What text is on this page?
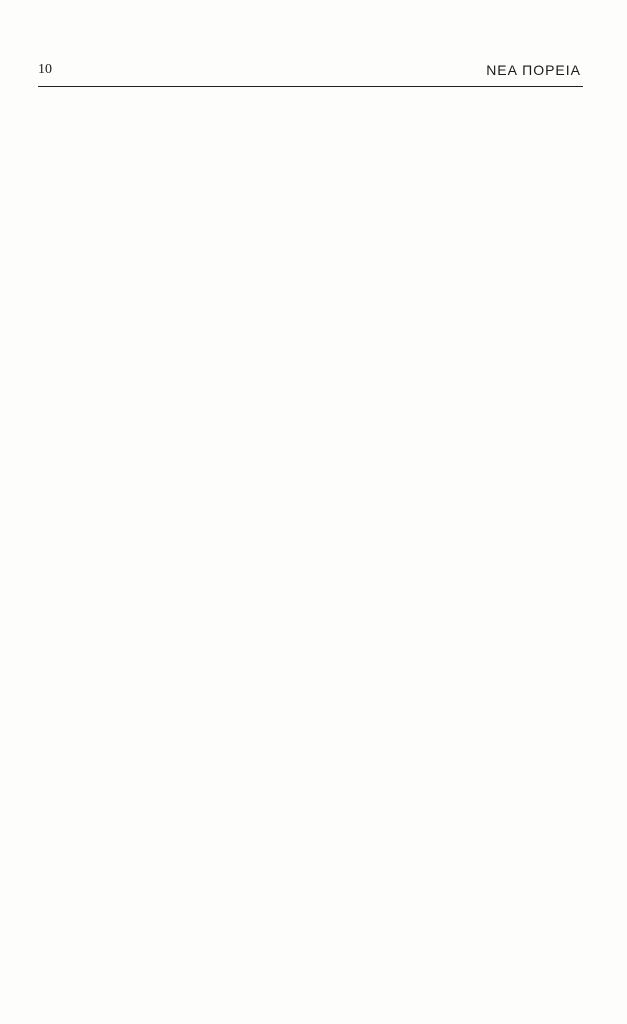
10	ΝΕΑ ΠΟΡΕΙΑ
